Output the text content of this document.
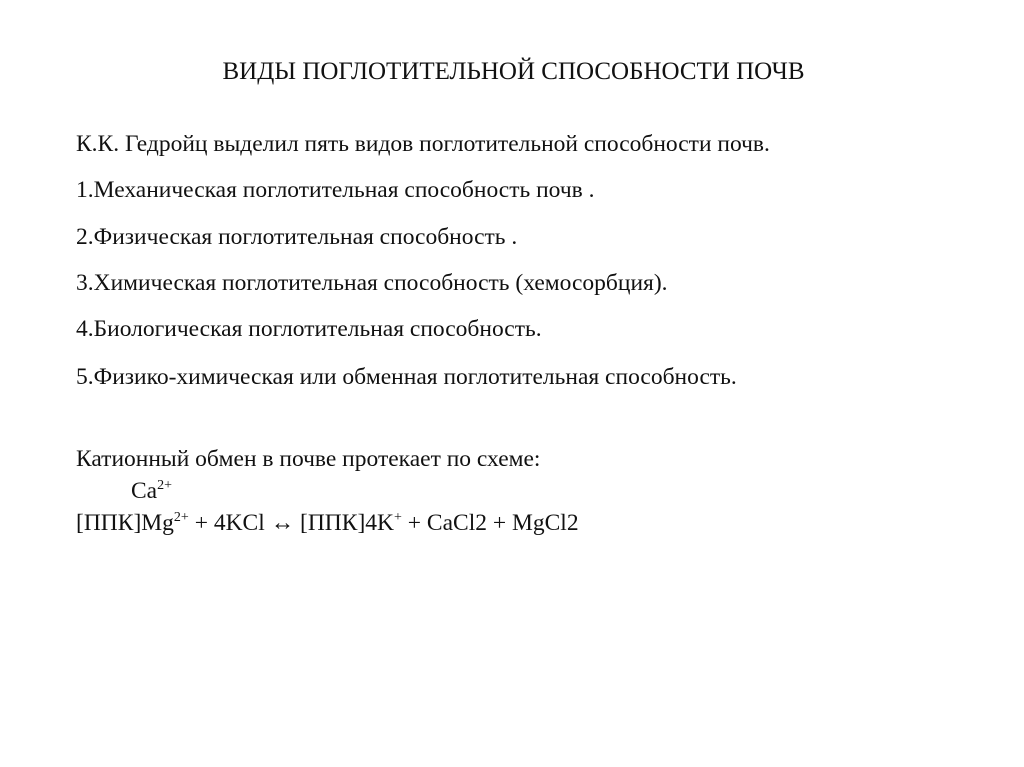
ВИДЫ ПОГЛОТИТЕЛЬНОЙ СПОСОБНОСТИ ПОЧВ
К.К. Гедройц выделил пять видов поглотительной способности почв.
1.Механическая поглотительная способность почв .
2.Физическая поглотительная способность .
3.Химическая поглотительная способность (хемосорбция).
4.Биологическая поглотительная способность.
5.Физико-химическая или обменная поглотительная способность.
Катионный обмен в почве протекает по схеме:
$Ca^{2+}$
$[ППК]Mg^{2+} + 4KCl$ ↔ [ППК]4K+ + CaCl2 + MgCl2
